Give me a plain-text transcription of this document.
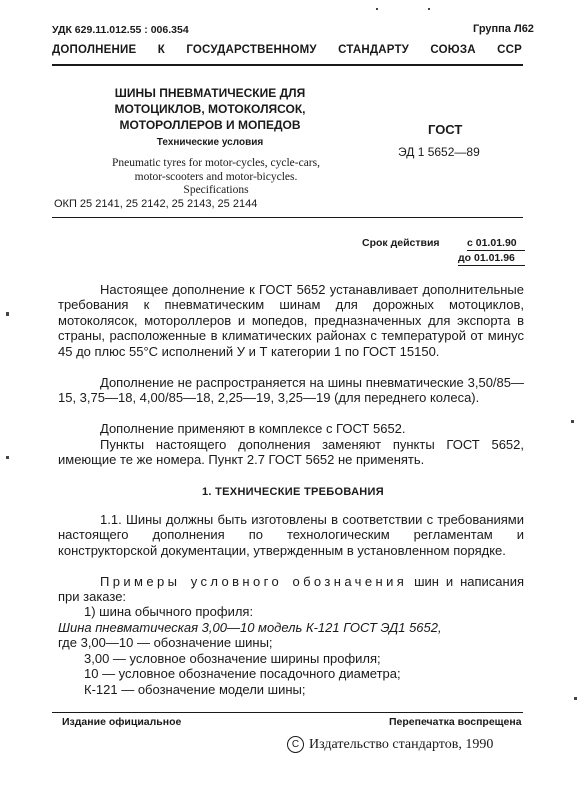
УДК 629.11.012.55 : 006.354	Группа Л62
ДОПОЛНЕНИЕ К ГОСУДАРСТВЕННОМУ СТАНДАРТУ СОЮЗА ССР
ШИНЫ ПНЕВМАТИЧЕСКИЕ ДЛЯ
МОТОЦИКЛОВ, МОТОКОЛЯСОК,
МОТОРОЛЛЕРОВ И МОПЕДОВ
Технические условия
ГОСТ
ЭД 1 5652—89
Pneumatic tyres for motor-cycles, cycle-cars,
motor-scooters and motor-bicycles.
Specifications
ОКП 25 2141, 25 2142, 25 2143, 25 2144
Срок действия	с 01.01.90
до 01.01.96

Настоящее дополнение к ГОСТ 5652 устанавливает дополнительные требования к пневматическим шинам для дорожных мотоциклов, мотоколясок, мотороллеров и мопедов, предназначенных для экспорта в страны, расположенные в климатических районах с температурой от минус 45 до плюс 55°С исполнений У и Т категории 1 по ГОСТ 15150.

Дополнение не распространяется на шины пневматические 3,50/85—15, 3,75—18, 4,00/85—18, 2,25—19, 3,25—19 (для переднего колеса).

Дополнение применяют в комплексе с ГОСТ 5652.

Пункты настоящего дополнения заменяют пункты ГОСТ 5652, имеющие те же номера. Пункт 2.7 ГОСТ 5652 не применять.

1. ТЕХНИЧЕСКИЕ ТРЕБОВАНИЯ

1.1. Шины должны быть изготовлены в соответствии с требованиями настоящего дополнения по технологическим регламентам и конструкторской документации, утвержденным в установленном порядке.

Примеры условного обозначения шин и написания при заказе:

1) шина обычного профиля:

Шина пневматическая 3,00—10 модель К-121 ГОСТ ЭД1 5652,

где 3,00—10 — обозначение шины;

3,00 — условное обозначение ширины профиля;

10 — условное обозначение посадочного диаметра;

К-121 — обозначение модели шины;

Издание официальное	Перепечатка воспрещена
С Издательство стандартов, 1990
